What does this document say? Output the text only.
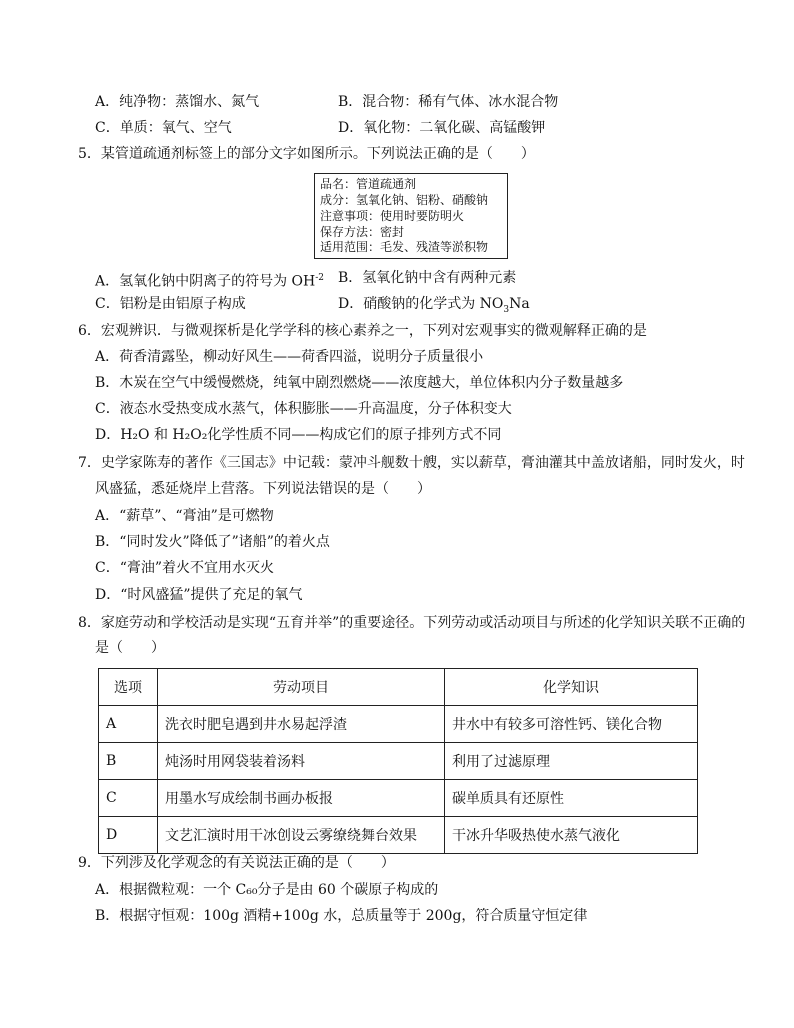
A．纯净物：蒸馏水、氮气	B．混合物：稀有气体、冰水混合物
C．单质：氧气、空气	D．氧化物：二氧化碳、高锰酸钾
5．某管道疏通剂标签上的部分文字如图所示。下列说法正确的是（　　）
品名：管道疏通剂
成分：氢氧化钠、铝粉、硝酸钠
注意事项：使用时要防明火
保存方法：密封
适用范围：毛发、残渣等淤积物
A．氢氧化钠中阴离子的符号为 $OH^{-2}$ B．氢氧化钠中含有两种元素
C．铝粉是由铝原子构成	D．硝酸钠的化学式为 $NO_3Na$
6．宏观辨识．与微观探析是化学学科的核心素养之一，下列对宏观事实的微观解释正确的是
A．荷香清露坠，柳动好风生——荷香四溢，说明分子质量很小
B．木炭在空气中缓慢燃烧，纯氧中剧烈燃烧——浓度越大，单位体积内分子数量越多
C．液态水受热变成水蒸气，体积膨胀——升高温度，分子体积变大
D．H₂O 和 H₂O₂化学性质不同——构成它们的原子排列方式不同
7．史学家陈寿的著作《三国志》中记载：蒙冲斗舰数十艘，实以薪草，膏油灌其中盖放诸船，同时发火，时
风盛猛，悉延烧岸上营落。下列说法错误的是（　　）
A．“薪草”、“膏油”是可燃物
B．“同时发火”降低了”诸船”的着火点
C．“膏油”着火不宜用水灭火
D．“时风盛猛”提供了充足的氧气
8．家庭劳动和学校活动是实现“五育并举”的重要途径。下列劳动或活动项目与所述的化学知识关联不正确的
是（　　）
选项	劳动项目	化学知识
A	洗衣时肥皂遇到井水易起浮渣	井水中有较多可溶性钙、镁化合物
B	炖汤时用网袋装着汤料	利用了过滤原理
C	用墨水写成绘制书画办板报	碳单质具有还原性
D	文艺汇演时用干冰创设云雾缭绕舞台效果	干冰升华吸热使水蒸气液化
9．下列涉及化学观念的有关说法正确的是（　　）
A．根据微粒观：一个 C₆₀分子是由 60 个碳原子构成的
B．根据守恒观：100g 酒精+100g 水，总质量等于 200g，符合质量守恒定律
